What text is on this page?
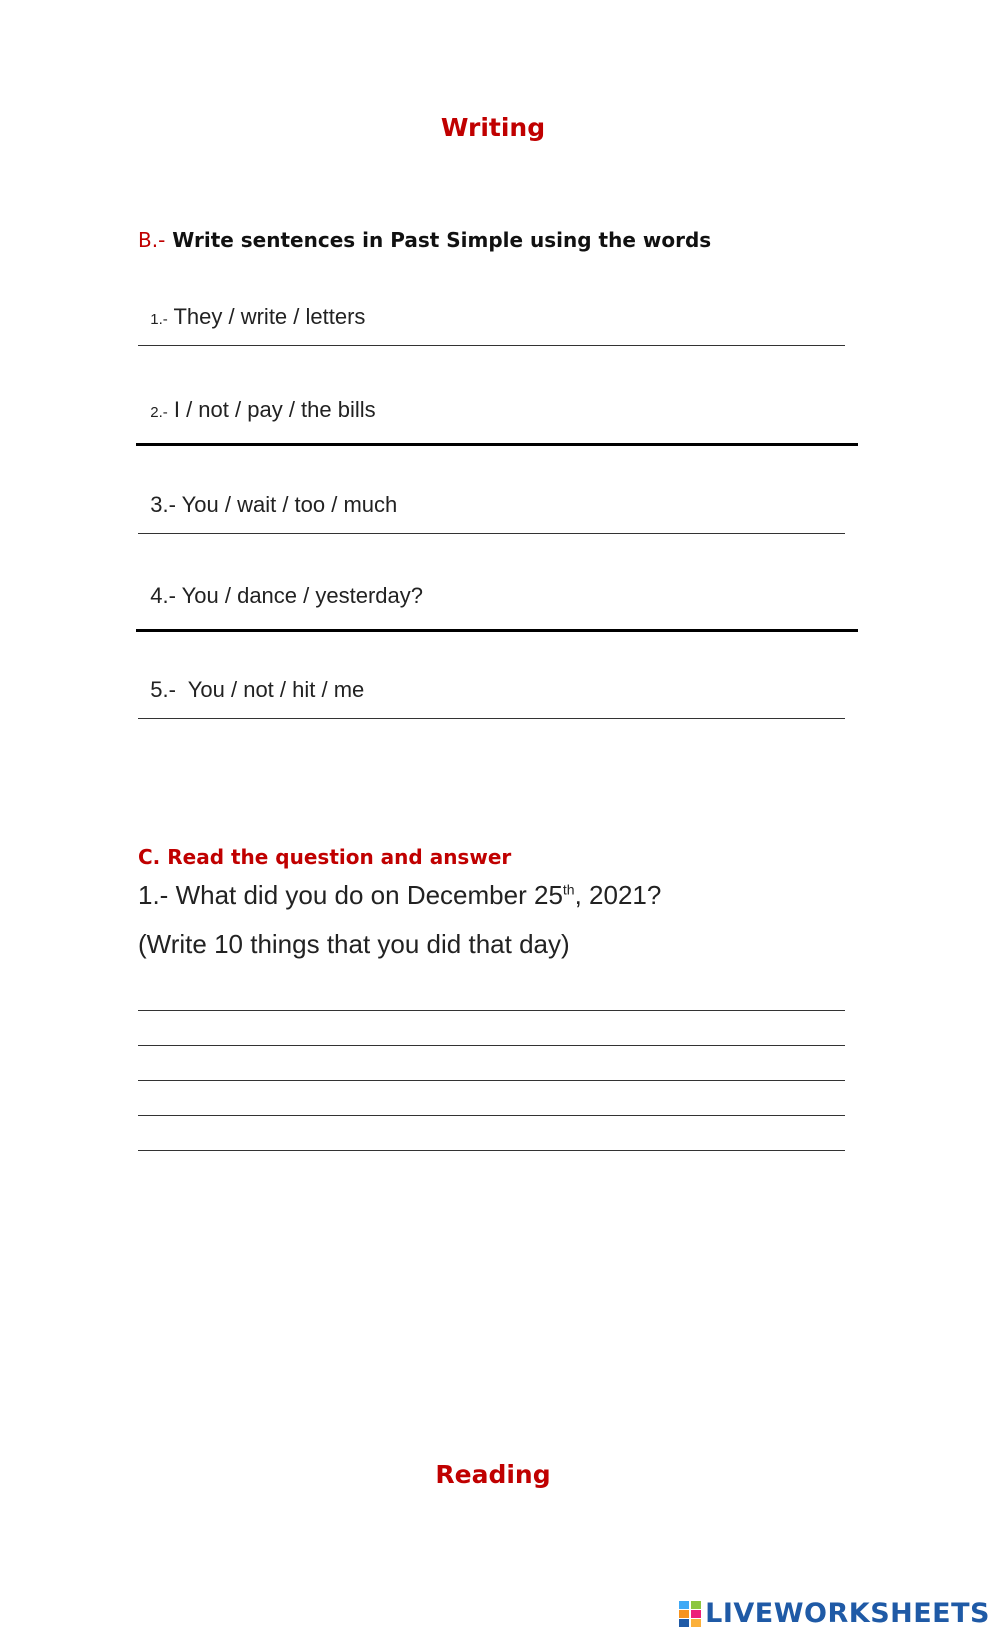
Writing
B.- Write sentences in Past Simple using the words

1.- They / write / letters

2.- I / not / pay / the bills

3.- You / wait / too / much

4.- You / dance / yesterday?

5.-  You / not / hit / me

C. Read the question and answer
1.- What did you do on December 25th, 2021?
(Write 10 things that you did that day)
Reading
LIVEWORKSHEETS
